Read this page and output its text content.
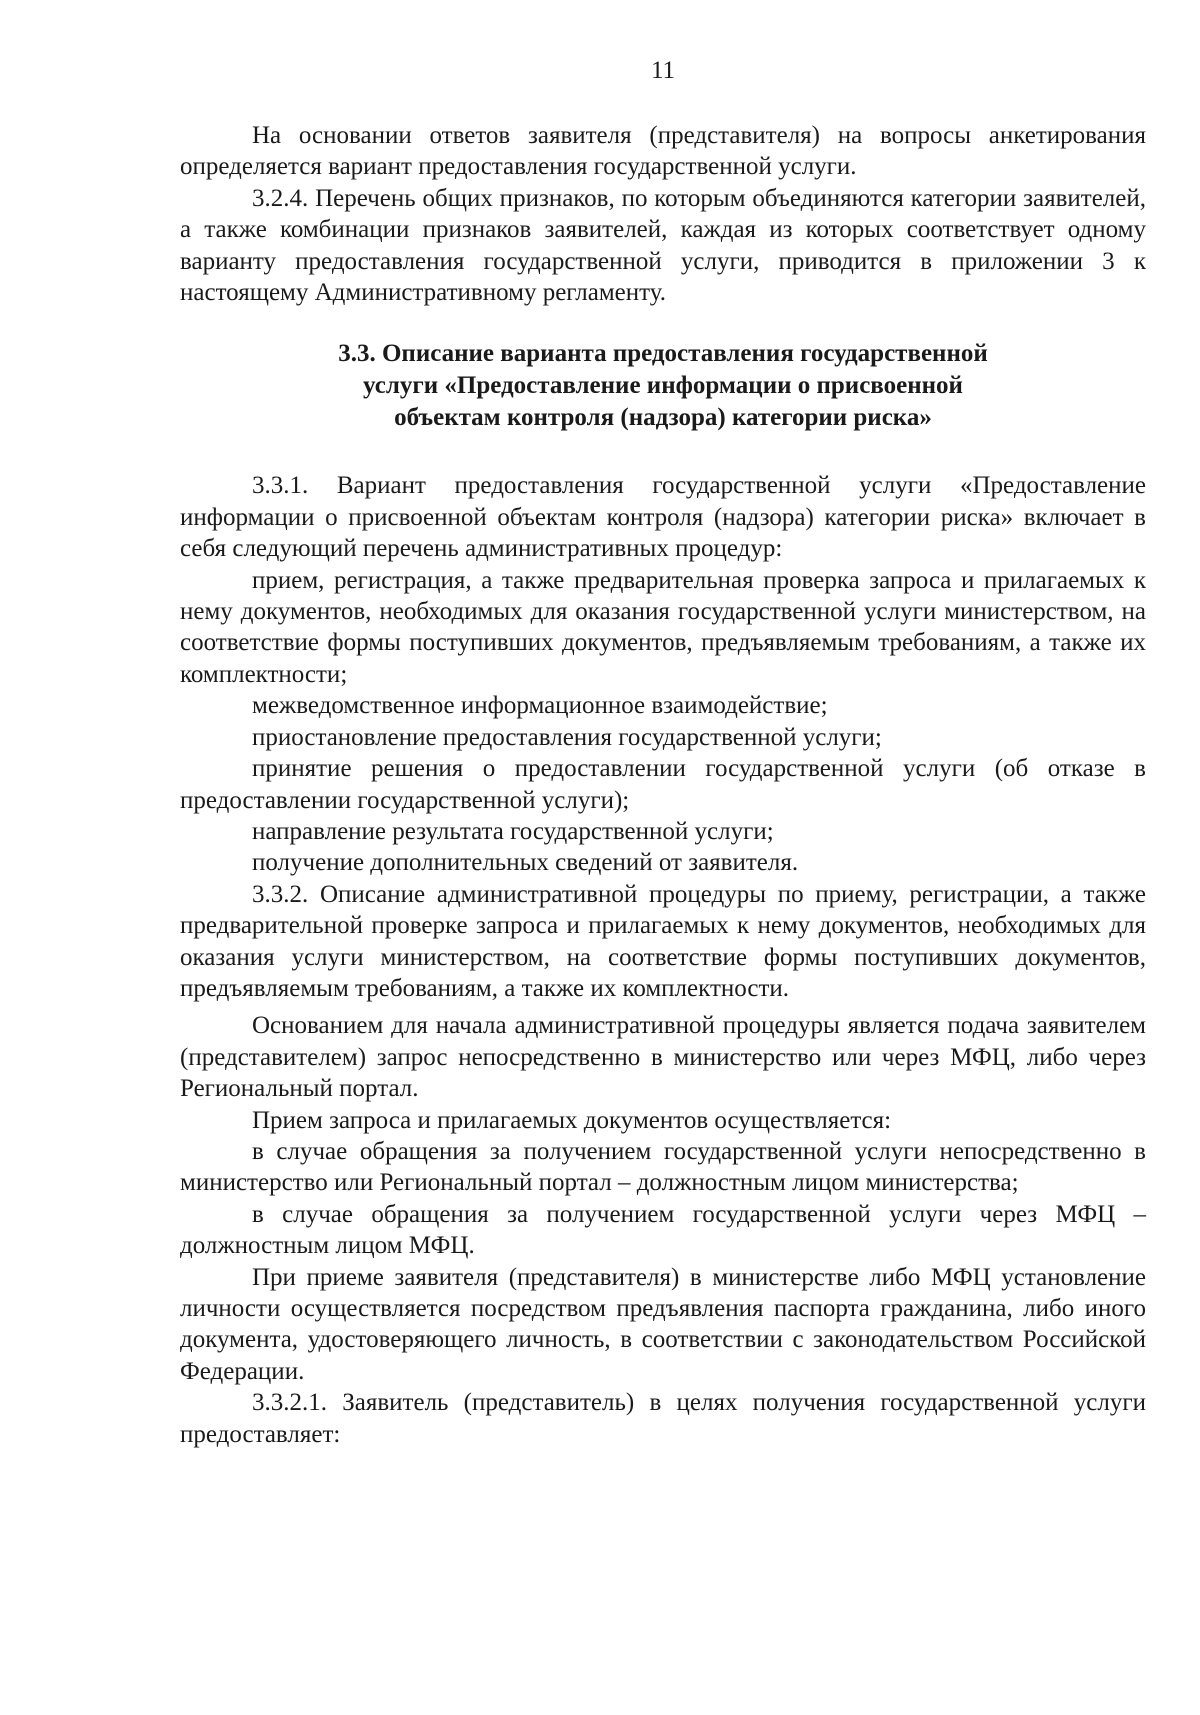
11

На основании ответов заявителя (представителя) на вопросы анкетирования определяется вариант предоставления государственной услуги.

3.2.4. Перечень общих признаков, по которым объединяются категории заявителей, а также комбинации признаков заявителей, каждая из которых соответствует одному варианту предоставления государственной услуги, приводится в приложении 3 к настоящему Административному регламенту.

3.3. Описание варианта предоставления государственной
услуги «Предоставление информации о присвоенной
объектам контроля (надзора) категории риска»

3.3.1. Вариант предоставления государственной услуги «Предоставление информации о присвоенной объектам контроля (надзора) категории риска» включает в себя следующий перечень административных процедур:

прием, регистрация, а также предварительная проверка запроса и прилагаемых к нему документов, необходимых для оказания государственной услуги министерством, на соответствие формы поступивших документов, предъявляемым требованиям, а также их комплектности;

межведомственное информационное взаимодействие;

приостановление предоставления государственной услуги;

принятие решения о предоставлении государственной услуги (об отказе в предоставлении государственной услуги);

направление результата государственной услуги;

получение дополнительных сведений от заявителя.

3.3.2. Описание административной процедуры по приему, регистрации, а также предварительной проверке запроса и прилагаемых к нему документов, необходимых для оказания услуги министерством, на соответствие формы поступивших документов, предъявляемым требованиям, а также их комплектности.

Основанием для начала административной процедуры является подача заявителем (представителем) запрос непосредственно в министерство или через МФЦ, либо через Региональный портал.

Прием запроса и прилагаемых документов осуществляется:

в случае обращения за получением государственной услуги непосредственно в министерство или Региональный портал – должностным лицом министерства;

в случае обращения за получением государственной услуги через МФЦ – должностным лицом МФЦ.

При приеме заявителя (представителя) в министерстве либо МФЦ установление личности осуществляется посредством предъявления паспорта гражданина, либо иного документа, удостоверяющего личность, в соответствии с законодательством Российской Федерации.

3.3.2.1. Заявитель (представитель) в целях получения государственной услуги предоставляет:
